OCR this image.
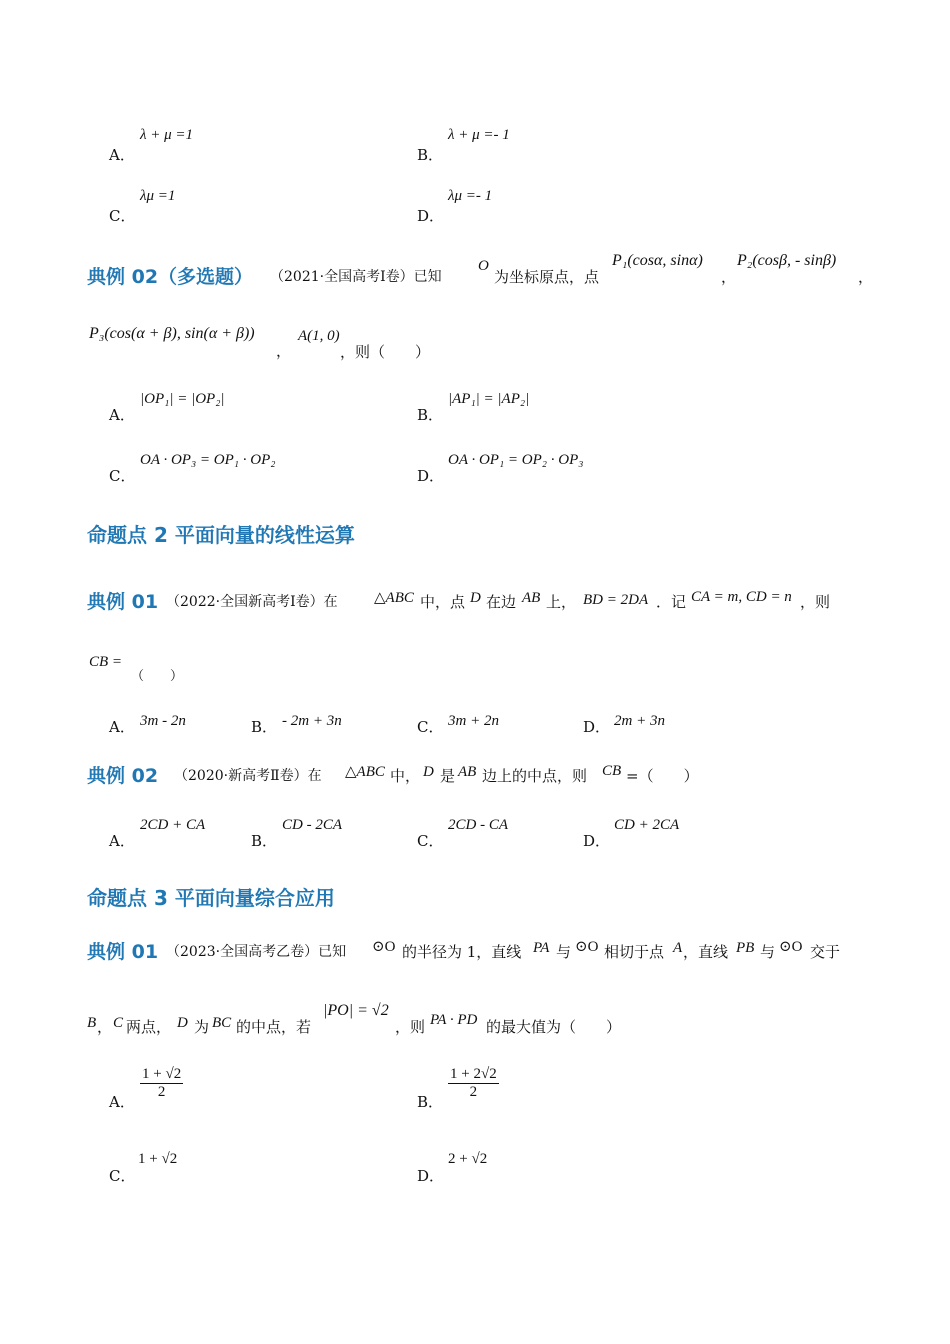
A．
λ + μ =1
B．
λ + μ =- 1
C．
λμ =1
D．
λμ =- 1
典例 02（多选题） （2021·全国高考Ⅰ卷）已知
O
为坐标原点，点
P₁(cosα, sinα)
，
P₂(cosβ, - sinβ)
，
P₃(cos(α + β), sin(α + β))
，
A(1, 0)
，则（　　）
A．
|OP₁| = |OP₂|
B．
|AP₁| = |AP₂|
C．
OA · OP₃ = OP₁ · OP₂
D．
OA · OP₁ = OP₂ · OP₃
命题点 2 平面向量的线性运算
典例 01 （2022·全国新高考Ⅰ卷）在 △ABC 中，点 D 在边 AB 上， BD = 2DA ．记 CA = m, CD = n ，则
CB =
（　　）
A． 3m - 2n	B． - 2m + 3n	C． 3m + 2n	D． 2m + 3n
典例 02 （2020·新高考Ⅱ卷）在 △ABC 中， D 是 AB 边上的中点，则 CB =（　　）
A．
2CD + CA
B．
CD - 2CA
C．
2CD - CA
D．
CD + 2CA
命题点 3 平面向量综合应用
典例 01 （2023·全国高考乙卷）已知 ⊙O 的半径为 1，直线 PA 与 ⊙O 相切于点 A ，直线 PB 与 ⊙O 交于
B ， C 两点， D 为 BC 的中点，若
|PO| = √2
，则 PA · PD 的最大值为（　　）
A．
$\frac{1 + √2}{2}$
B．
$\frac{1 + 2√2}{2}$
C．
1 + √2
D．
2 + √2
